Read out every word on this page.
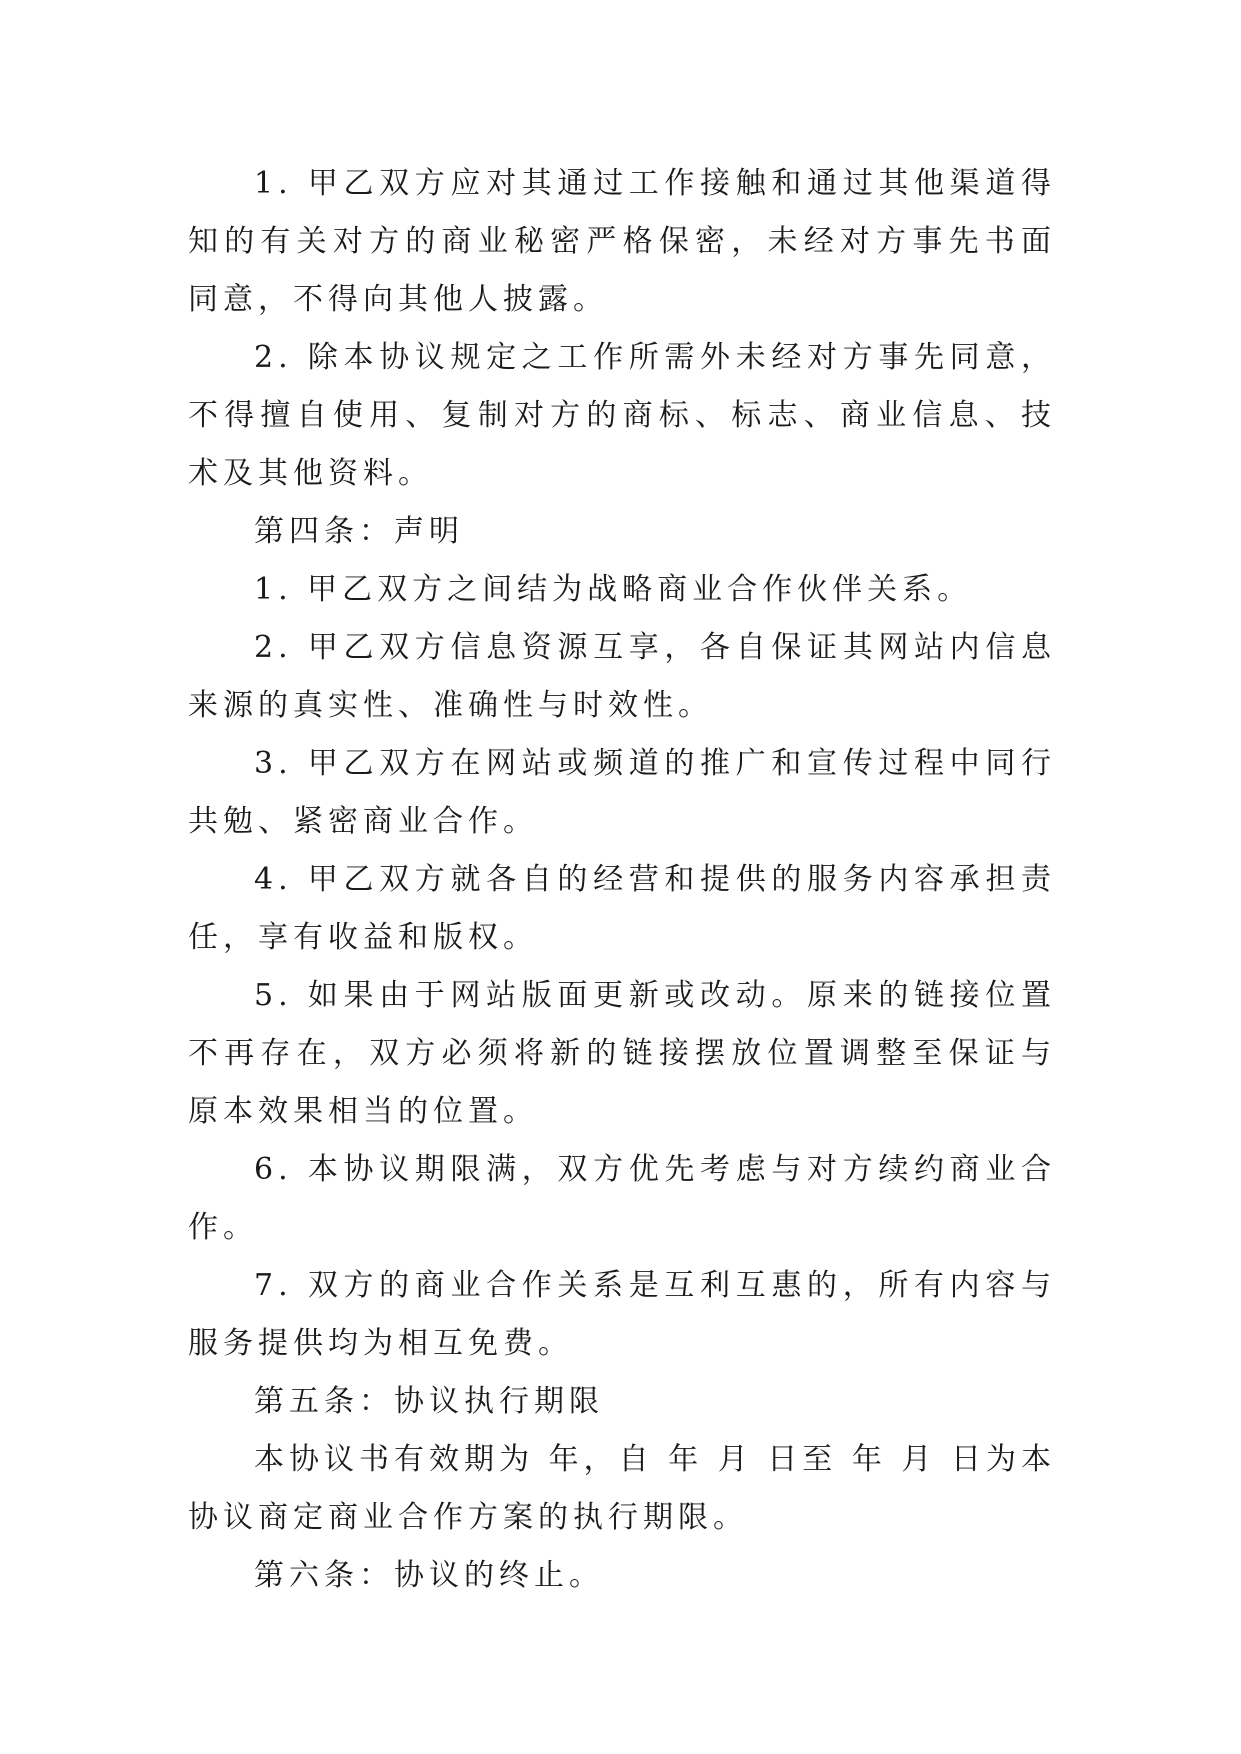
1. 甲乙双方应对其通过工作接触和通过其他渠道得知的有关对方的商业秘密严格保密，未经对方事先书面同意，不得向其他人披露。

2. 除本协议规定之工作所需外未经对方事先同意，不得擅自使用、复制对方的商标、标志、商业信息、技术及其他资料。

第四条：声明

1. 甲乙双方之间结为战略商业合作伙伴关系。

2. 甲乙双方信息资源互享，各自保证其网站内信息来源的真实性、准确性与时效性。

3. 甲乙双方在网站或频道的推广和宣传过程中同行共勉、紧密商业合作。

4. 甲乙双方就各自的经营和提供的服务内容承担责任，享有收益和版权。

5. 如果由于网站版面更新或改动。原来的链接位置不再存在，双方必须将新的链接摆放位置调整至保证与原本效果相当的位置。

6. 本协议期限满，双方优先考虑与对方续约商业合作。

7. 双方的商业合作关系是互利互惠的，所有内容与服务提供均为相互免费。

第五条：协议执行期限

本协议书有效期为 年，自 年 月 日至 年 月 日为本协议商定商业合作方案的执行期限。

第六条：协议的终止。
